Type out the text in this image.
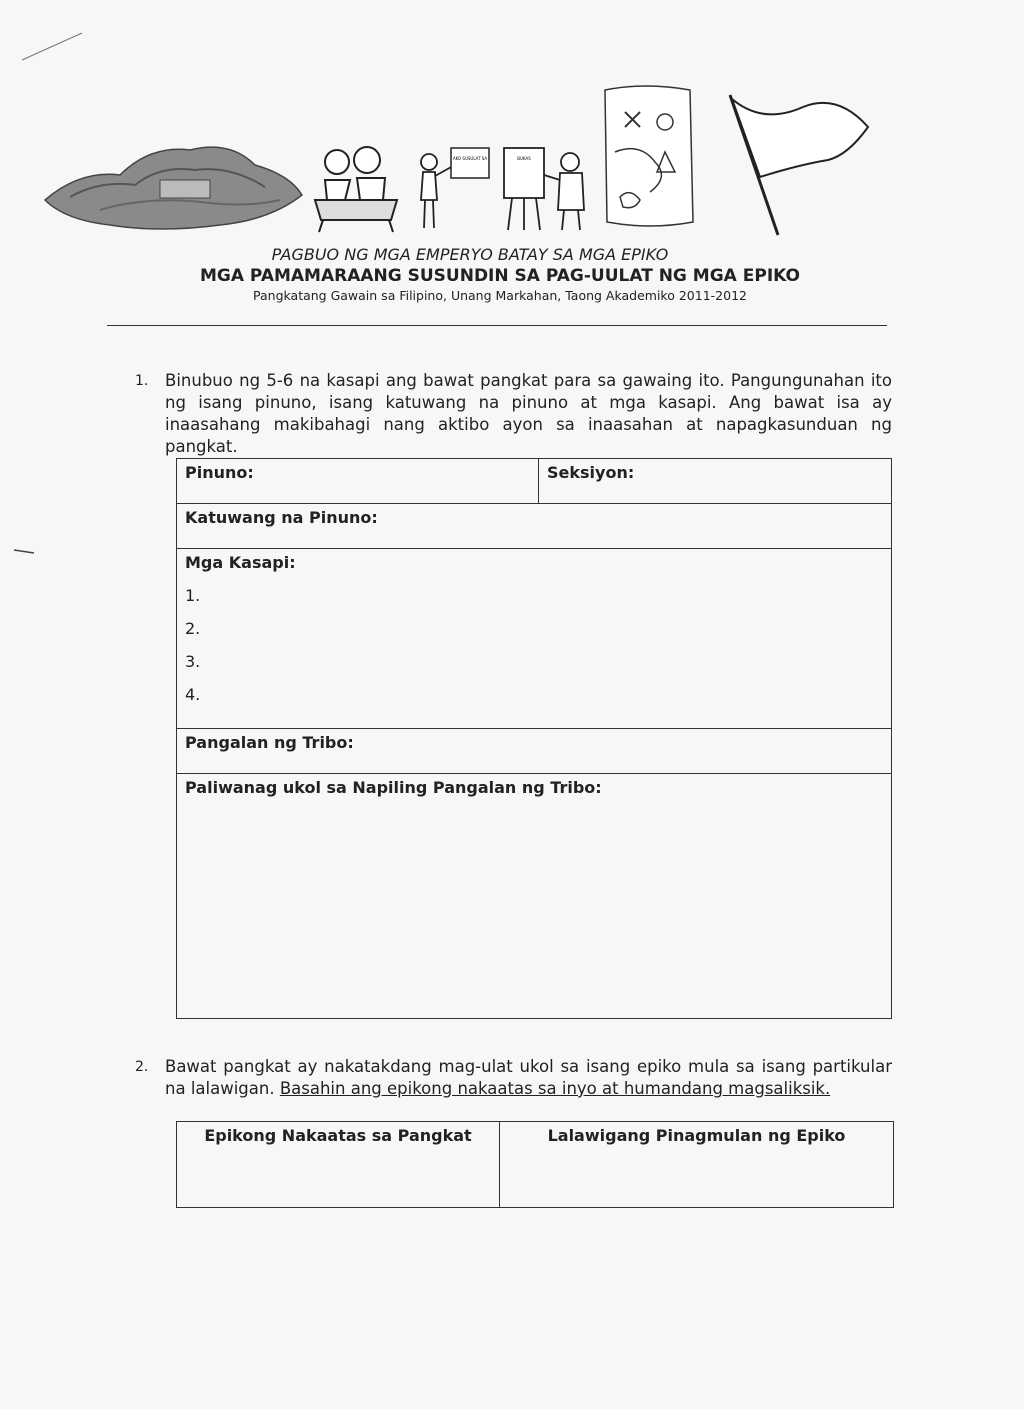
AKO SUSULAT SA	BUKAS
PAGBUO NG MGA EMPERYO BATAY SA MGA EPIKO
MGA PAMAMARAANG SUSUNDIN SA PAG-UULAT NG MGA EPIKO
Pangkatang Gawain sa Filipino, Unang Markahan, Taong Akademiko 2011-2012
1. Binubuo ng 5-6 na kasapi ang bawat pangkat para sa gawaing ito. Pangungunahan ito ng isang pinuno, isang katuwang na pinuno at mga kasapi. Ang bawat isa ay inaasahang makibahagi nang aktibo ayon sa inaasahan at napagkasunduan ng pangkat.
Pinuno:	Seksiyon:
Katuwang na Pinuno:
Mga Kasapi:
1.
2.
3.
4.

Pangalan ng Tribo:
Paliwanag ukol sa Napiling Pangalan ng Tribo:
2. Bawat pangkat ay nakatakdang mag-ulat ukol sa isang epiko mula sa isang partikular na lalawigan. Basahin ang epikong nakaatas sa inyo at humandang magsaliksik.
Epikong Nakaatas sa Pangkat	Lalawigang Pinagmulan ng Epiko
